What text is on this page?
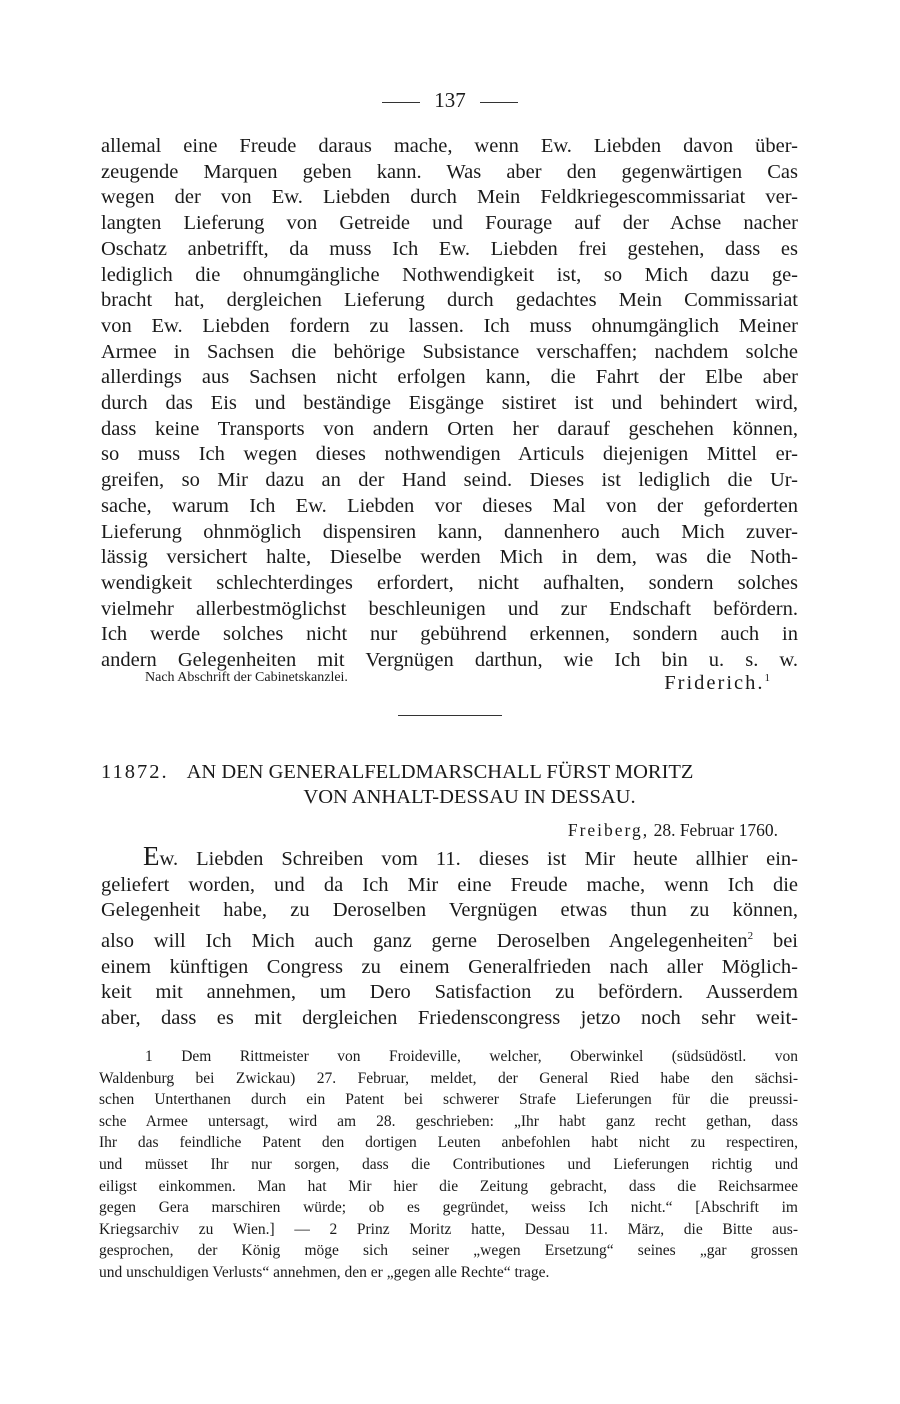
137
allemal eine Freude daraus mache, wenn Ew. Liebden davon über-
zeugende Marquen geben kann. Was aber den gegenwärtigen Cas
wegen der von Ew. Liebden durch Mein Feldkriegescommissariat ver-
langten Lieferung von Getreide und Fourage auf der Achse nacher
Oschatz anbetrifft, da muss Ich Ew. Liebden frei gestehen, dass es
lediglich die ohnumgängliche Nothwendigkeit ist, so Mich dazu ge-
bracht hat, dergleichen Lieferung durch gedachtes Mein Commissariat
von Ew. Liebden fordern zu lassen. Ich muss ohnumgänglich Meiner
Armee in Sachsen die behörige Subsistance verschaffen; nachdem solche
allerdings aus Sachsen nicht erfolgen kann, die Fahrt der Elbe aber
durch das Eis und beständige Eisgänge sistiret ist und behindert wird,
dass keine Transports von andern Orten her darauf geschehen können,
so muss Ich wegen dieses nothwendigen Articuls diejenigen Mittel er-
greifen, so Mir dazu an der Hand seind. Dieses ist lediglich die Ur-
sache, warum Ich Ew. Liebden vor dieses Mal von der geforderten
Lieferung ohnmöglich dispensiren kann, dannenhero auch Mich zuver-
lässig versichert halte, Dieselbe werden Mich in dem, was die Noth-
wendigkeit schlechterdinges erfordert, nicht aufhalten, sondern solches
vielmehr allerbestmöglichst beschleunigen und zur Endschaft befördern.
Ich werde solches nicht nur gebührend erkennen, sondern auch in
andern Gelegenheiten mit Vergnügen darthun, wie Ich bin u. s. w.
Nach Abschrift der Cabinetskanzlei.	Friderich.$^1$
11872. AN DEN GENERALFELDMARSCHALL FÜRST MORITZ
VON ANHALT-DESSAU IN DESSAU.
Freiberg, 28. Februar 1760.
Ew. Liebden Schreiben vom 11. dieses ist Mir heute allhier ein-
geliefert worden, und da Ich Mir eine Freude mache, wenn Ich die
Gelegenheit habe, zu Deroselben Vergnügen etwas thun zu können,
also will Ich Mich auch ganz gerne Deroselben Angelegenheiten$^2$ bei
einem künftigen Congress zu einem Generalfrieden nach aller Möglich-
keit mit annehmen, um Dero Satisfaction zu befördern. Ausserdem
aber, dass es mit dergleichen Friedenscongress jetzo noch sehr weit-
1 Dem Rittmeister von Froideville, welcher, Oberwinkel (südsüdöstl. von
Waldenburg bei Zwickau) 27. Februar, meldet, der General Ried habe den sächsi-
schen Unterthanen durch ein Patent bei schwerer Strafe Lieferungen für die preussi-
sche Armee untersagt, wird am 28. geschrieben: „Ihr habt ganz recht gethan, dass
Ihr das feindliche Patent den dortigen Leuten anbefohlen habt nicht zu respectiren,
und müsset Ihr nur sorgen, dass die Contributiones und Lieferungen richtig und
eiligst einkommen. Man hat Mir hier die Zeitung gebracht, dass die Reichsarmee
gegen Gera marschiren würde; ob es gegründet, weiss Ich nicht.“ [Abschrift im
Kriegsarchiv zu Wien.] — 2 Prinz Moritz hatte, Dessau 11. März, die Bitte aus-
gesprochen, der König möge sich seiner „wegen Ersetzung“ seines „gar grossen
und unschuldigen Verlusts“ annehmen, den er „gegen alle Rechte“ trage.
